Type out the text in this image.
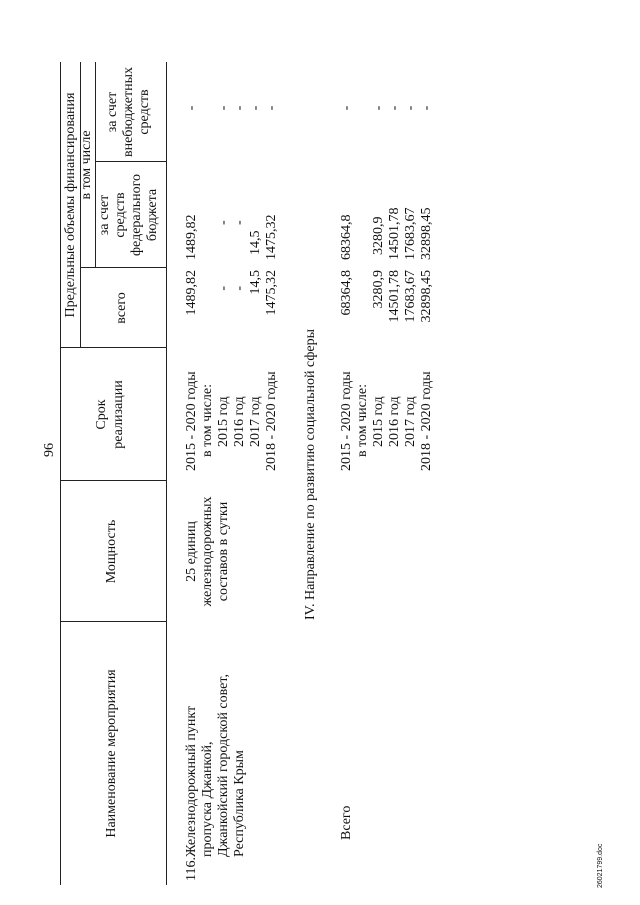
96
Наименование мероприятия
Мощность
Срок реализации
Предельные объемы финансирования	всего
в том числе
за счет средств федерального бюджета
за счет внебюджетных средств
116.
Железнодорожный пункт пропуска Джанкой, Джанкойский городской совет, Республика Крым
25 единиц железнодорожных составов в сутки
2015 - 2020 годы в том числе: 2015 год 2016 год 2017 год 2018 - 2020 годы
1489,82 - - 14,5 1475,32
1489,82 - -
14,5 1475,32
- - - - -
IV. Направление по развитию социальной сферы
Всего
2015 - 2020 годы в том числе: 2015 год 2016 год 2017 год 2018 - 2020 годы
68364,8 3280,9 14501,78 17683,67 32898,45
68364,8 3280,9 14501,78 17683,67 32898,45
- - - - -
26021799.doc
